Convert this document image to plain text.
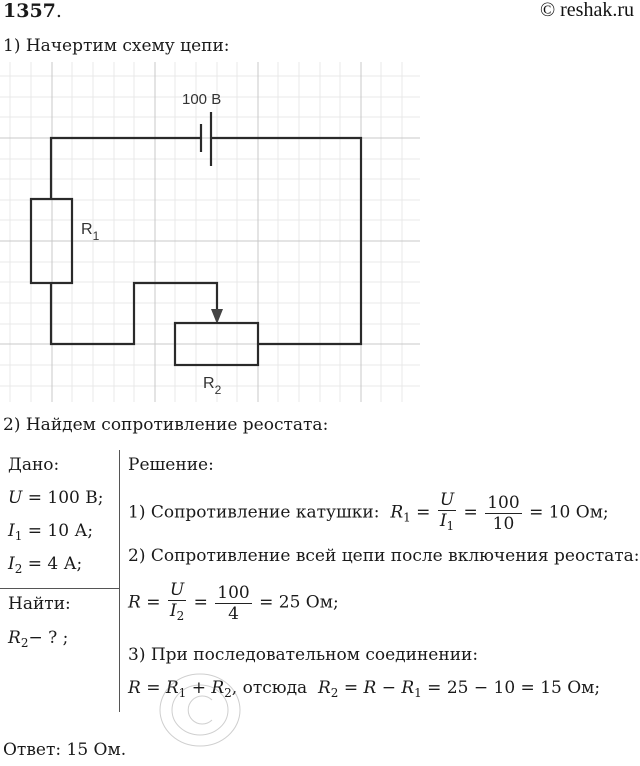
1357.	© reshak.ru
1) Начертим схему цепи:
100 В
$R_1$
$R_2$
2) Найдем сопротивление реостата:
Дано:
U = 100 В;
$I_1 = 10$ А;
$I_2 = 4$ А;
Найти:
$R_2-$ ? ;
Решение:
1) Сопротивление катушки: $R_1 = \frac{U}{I_1} = \frac{100}{10} = 10$ Ом;
2) Сопротивление всей цепи после включения реостата:
$R = \frac{U}{I_2} = \frac{100}{4} = 25$ Ом;
3) При последовательном соединении:
$R = R_1 + R_2$, отсюда  $R_2 = R - R_1 = 25 - 10 = 15$ Ом;
Ответ: 15 Ом.
